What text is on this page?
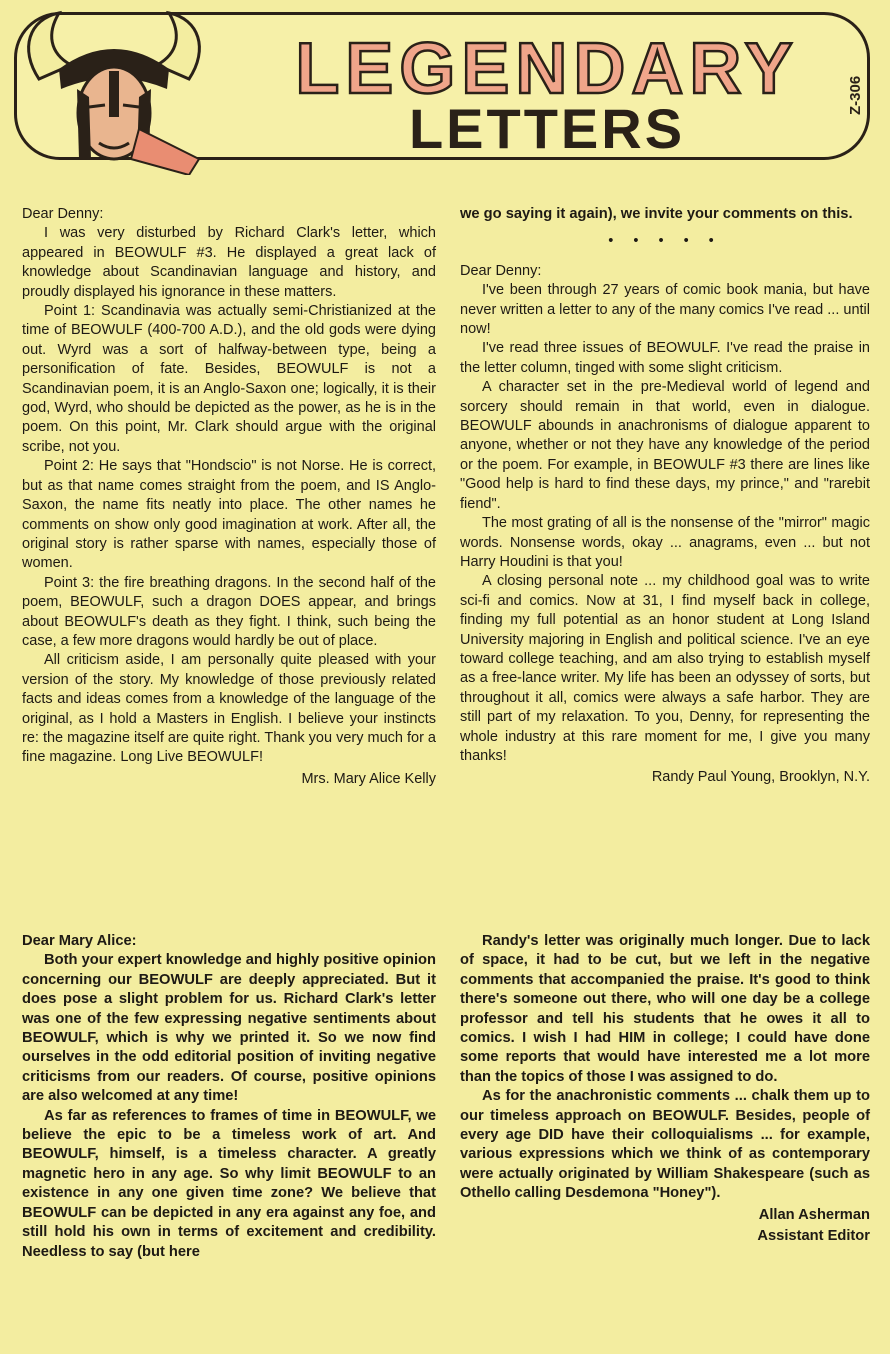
LEGENDARY
LETTERS
Z-306

Dear Denny:

I was very disturbed by Richard Clark's letter, which appeared in BEOWULF #3. He displayed a great lack of knowledge about Scandinavian language and history, and proudly displayed his ignorance in these matters.

Point 1: Scandinavia was actually semi-Christianized at the time of BEOWULF (400-700 A.D.), and the old gods were dying out. Wyrd was a sort of halfway-between type, being a personification of fate. Besides, BEOWULF is not a Scandinavian poem, it is an Anglo-Saxon one; logically, it is their god, Wyrd, who should be depicted as the power, as he is in the poem. On this point, Mr. Clark should argue with the original scribe, not you.

Point 2: He says that "Hondscio" is not Norse. He is correct, but as that name comes straight from the poem, and IS Anglo-Saxon, the name fits neatly into place. The other names he comments on show only good imagination at work. After all, the original story is rather sparse with names, especially those of women.

Point 3: the fire breathing dragons. In the second half of the poem, BEOWULF, such a dragon DOES appear, and brings about BEOWULF's death as they fight. I think, such being the case, a few more dragons would hardly be out of place.

All criticism aside, I am personally quite pleased with your version of the story. My knowledge of those previously related facts and ideas comes from a knowledge of the language of the original, as I hold a Masters in English. I believe your instincts re: the magazine itself are quite right. Thank you very much for a fine magazine. Long Live BEOWULF!

Mrs. Mary Alice Kelly

Dear Mary Alice:

Both your expert knowledge and highly positive opinion concerning our BEOWULF are deeply appreciated. But it does pose a slight problem for us. Richard Clark's letter was one of the few expressing negative sentiments about BEOWULF, which is why we printed it. So we now find ourselves in the odd editorial position of inviting negative criticisms from our readers. Of course, positive opinions are also welcomed at any time!

As far as references to frames of time in BEOWULF, we believe the epic to be a timeless work of art. And BEOWULF, himself, is a timeless character. A greatly magnetic hero in any age. So why limit BEOWULF to an existence in any one given time zone? We believe that BEOWULF can be depicted in any era against any foe, and still hold his own in terms of excitement and credibility. Needless to say (but here

we go saying it again), we invite your comments on this.

• • • • •

Dear Denny:

I've been through 27 years of comic book mania, but have never written a letter to any of the many comics I've read ... until now!

I've read three issues of BEOWULF. I've read the praise in the letter column, tinged with some slight criticism.

A character set in the pre-Medieval world of legend and sorcery should remain in that world, even in dialogue. BEOWULF abounds in anachronisms of dialogue apparent to anyone, whether or not they have any knowledge of the period or the poem. For example, in BEOWULF #3 there are lines like "Good help is hard to find these days, my prince," and "rarebit fiend".

The most grating of all is the nonsense of the "mirror" magic words. Nonsense words, okay ... anagrams, even ... but not Harry Houdini is that you!

A closing personal note ... my childhood goal was to write sci-fi and comics. Now at 31, I find myself back in college, finding my full potential as an honor student at Long Island University majoring in English and political science. I've an eye toward college teaching, and am also trying to establish myself as a free-lance writer. My life has been an odyssey of sorts, but throughout it all, comics were always a safe harbor. They are still part of my relaxation. To you, Denny, for representing the whole industry at this rare moment for me, I give you many thanks!

Randy Paul Young, Brooklyn, N.Y.

Randy's letter was originally much longer. Due to lack of space, it had to be cut, but we left in the negative comments that accompanied the praise. It's good to think there's someone out there, who will one day be a college professor and tell his students that he owes it all to comics. I wish I had HIM in college; I could have done some reports that would have interested me a lot more than the topics of those I was assigned to do.

As for the anachronistic comments ... chalk them up to our timeless approach on BEOWULF. Besides, people of every age DID have their colloquialisms ... for example, various expressions which we think of as contemporary were actually originated by William Shakespeare (such as Othello calling Desdemona "Honey").

Allan Asherman

Assistant Editor
